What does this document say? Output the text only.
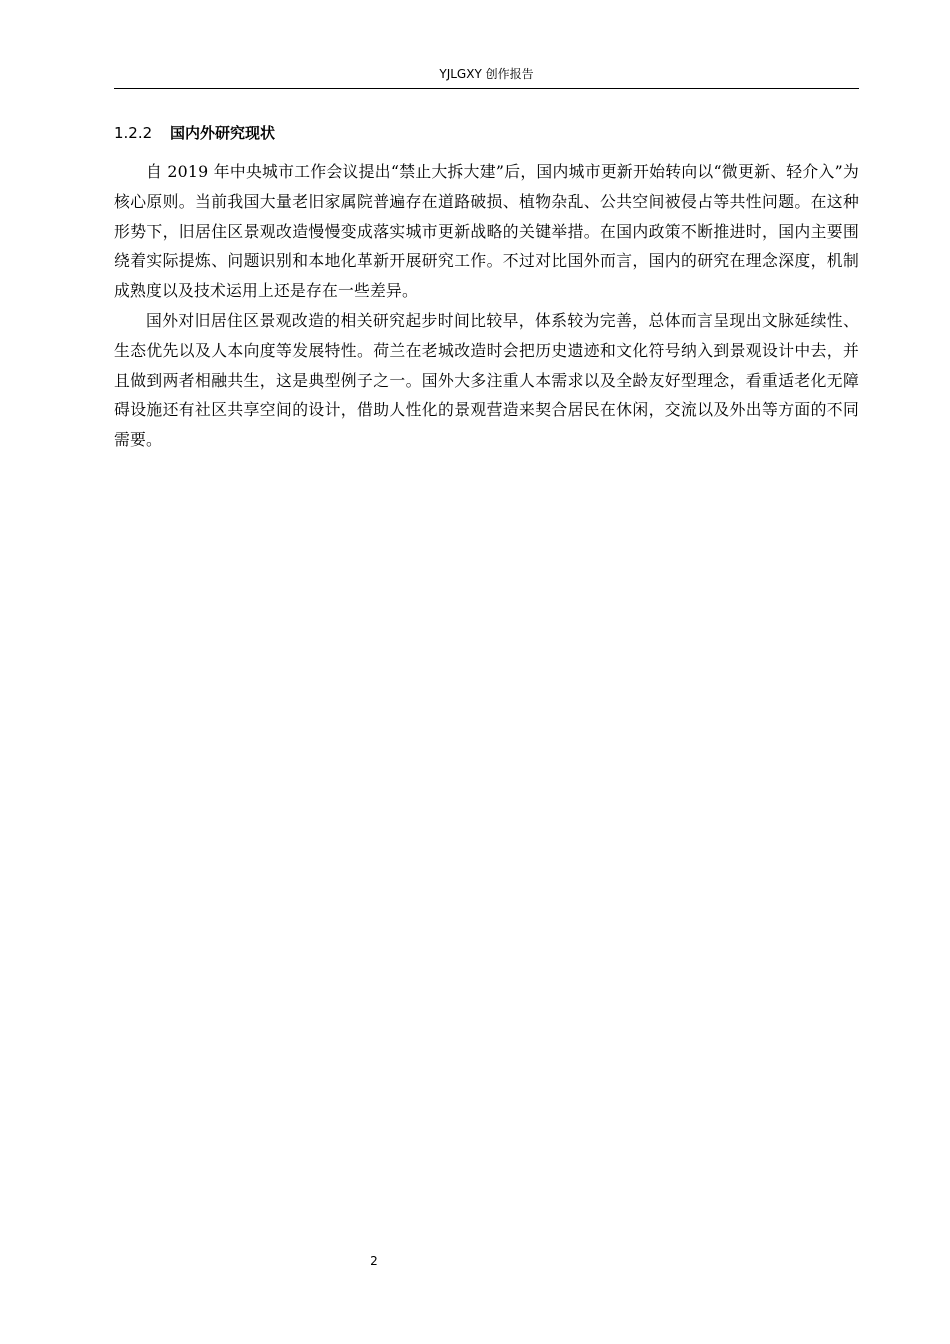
YJLGXY 创作报告
1.2.2 国内外研究现状

自 2019 年中央城市工作会议提出“禁止大拆大建”后，国内城市更新开始转向以“微更新、轻介入”为核心原则。当前我国大量老旧家属院普遍存在道路破损、植物杂乱、公共空间被侵占等共性问题。在这种形势下，旧居住区景观改造慢慢变成落实城市更新战略的关键举措。在国内政策不断推进时，国内主要围绕着实际提炼、问题识别和本地化革新开展研究工作。不过对比国外而言，国内的研究在理念深度，机制成熟度以及技术运用上还是存在一些差异。

国外对旧居住区景观改造的相关研究起步时间比较早，体系较为完善，总体而言呈现出文脉延续性、生态优先以及人本向度等发展特性。荷兰在老城改造时会把历史遗迹和文化符号纳入到景观设计中去，并且做到两者相融共生，这是典型例子之一。国外大多注重人本需求以及全龄友好型理念，看重适老化无障碍设施还有社区共享空间的设计，借助人性化的景观营造来契合居民在休闲，交流以及外出等方面的不同需要。

2
